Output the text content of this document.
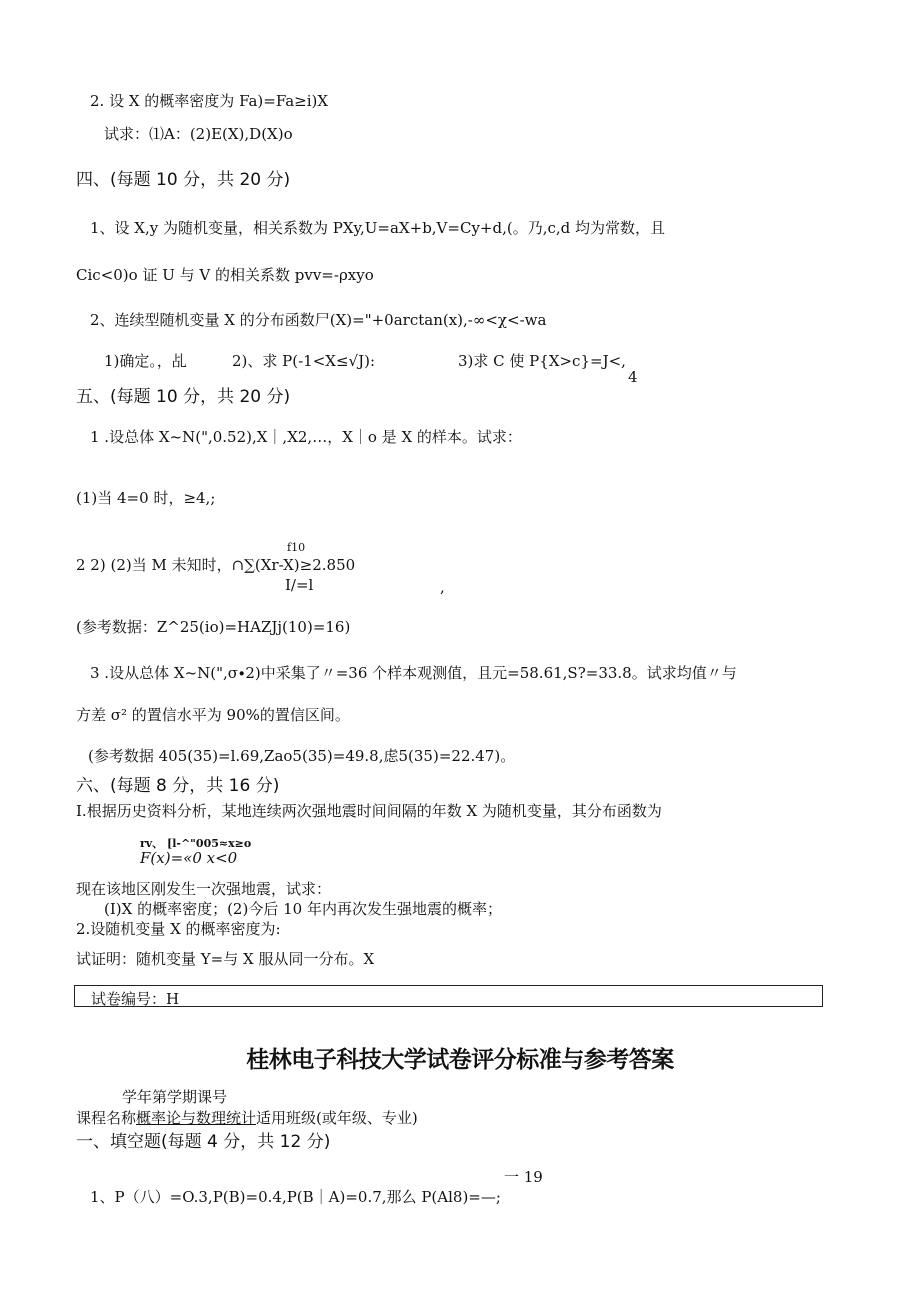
2. 设 X 的概率密度为 Fa)=Fa≥i)X
试求：⑴A：(2)E(X),D(X)o
四、(每题 10 分，共 20 分)
1、设 X,y 为随机变量，相关系数为 PXy,U=aX+b,V=Cy+d,(。乃,c,d 均为常数，且
Cic<0)o 证 U 与 V 的相关系数 pvv=-ρxyo
2、连续型随机变量 X 的分布函数尸(X)="+0arctan(x),-∞<χ<-wa
1)确定。，乩	2)、求 P(-1<X≤√J):	3)求 C 使 P{X>c}=J<,
4
五、(每题 10 分，共 20 分)
1 .设总体 X~N(",0.52),X｜,X2,…，X｜o 是 X 的样本。试求：
(1)当 4=0 时，≥4,;
f10
2 2) (2)当 M 未知时，∩∑(Xr-X)≥2.850
,
I∕=l
(参考数据：Z^25(io)=HAZJj(10)=16)
3 .设从总体 X~N(",σ∙2)中采集了〃=36 个样本观测值，且元=58.61,S?=33.8。试求均值〃与
方差 σ² 的置信水平为 90%的置信区间。
(参考数据 405(35)=l.69,Zao5(35)=49.8,虑5(35)=22.47)。
六、(每题 8 分，共 16 分)
I.根据历史资料分析，某地连续两次强地震时间间隔的年数 X 为随机变量，其分布函数为
rv、 [l-^"005≈x≥o
F(x)=«0 x<0
现在该地区刚发生一次强地震，试求：
(I)X 的概率密度；(2)今后 10 年内再次发生强地震的概率；
2.设随机变量 X 的概率密度为:
试证明：随机变量 Y=与 X 服从同一分布。X
试卷编号：H
桂林电子科技大学试卷评分标准与参考答案
学年第学期课号
课程名称概率论与数理统计适用班级(或年级、专业)
一、填空题(每题 4 分，共 12 分)
一 19
1、P（八）=O.3,P(B)=0.4,P(B｜A)=0.7,那么 P(Al8)=—;
